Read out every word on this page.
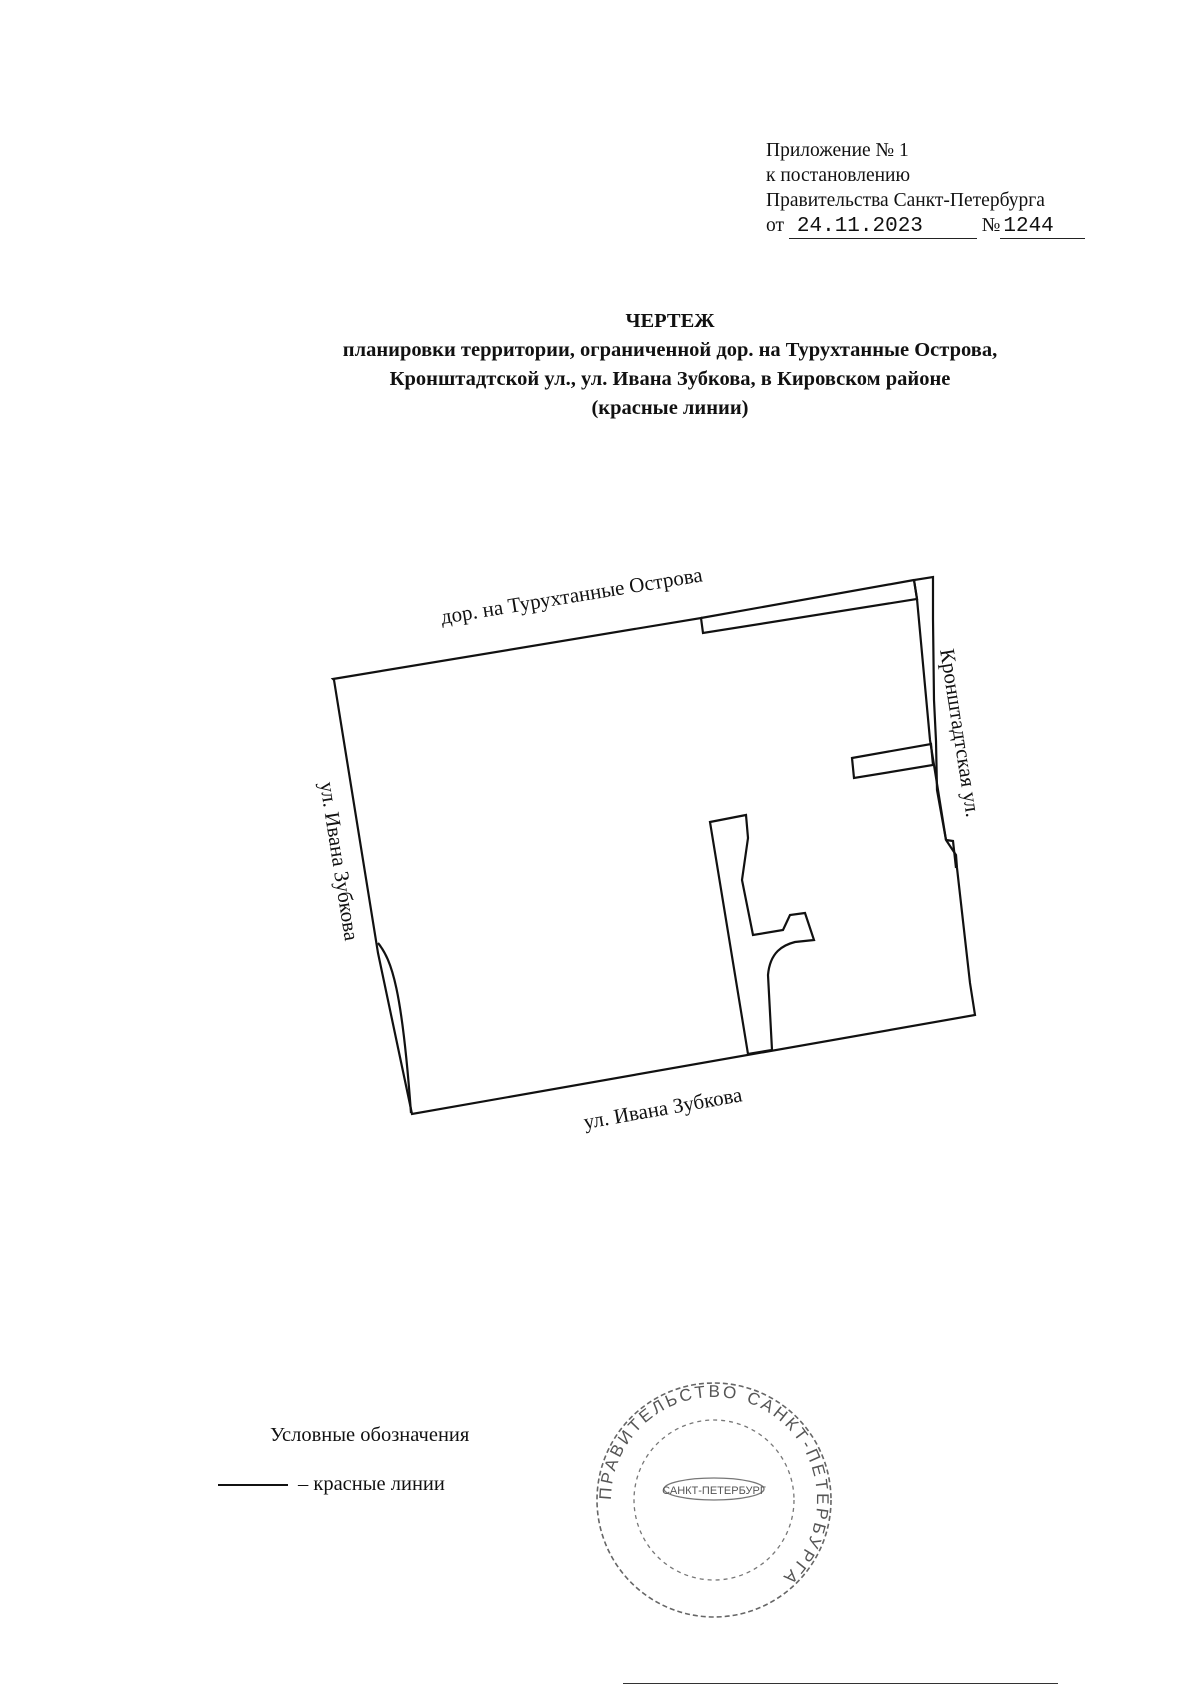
Приложение № 1
к постановлению
Правительства Санкт-Петербурга
от 24.11.2023	№ 1244
ЧЕРТЕЖ
планировки территории, ограниченной дор. на Турухтанные Острова,
Кронштадтской ул., ул. Ивана Зубкова, в Кировском районе
(красные линии)
дор. на Турухтанные Острова
Кронштадтская ул.
ул. Ивана Зубкова
ул. Ивана Зубкова
Условные обозначения
– красные линии	ПРАВИТЕЛЬСТВО САНКТ-ПЕТЕРБУРГА
САНКТ-ПЕТЕРБУРГ
